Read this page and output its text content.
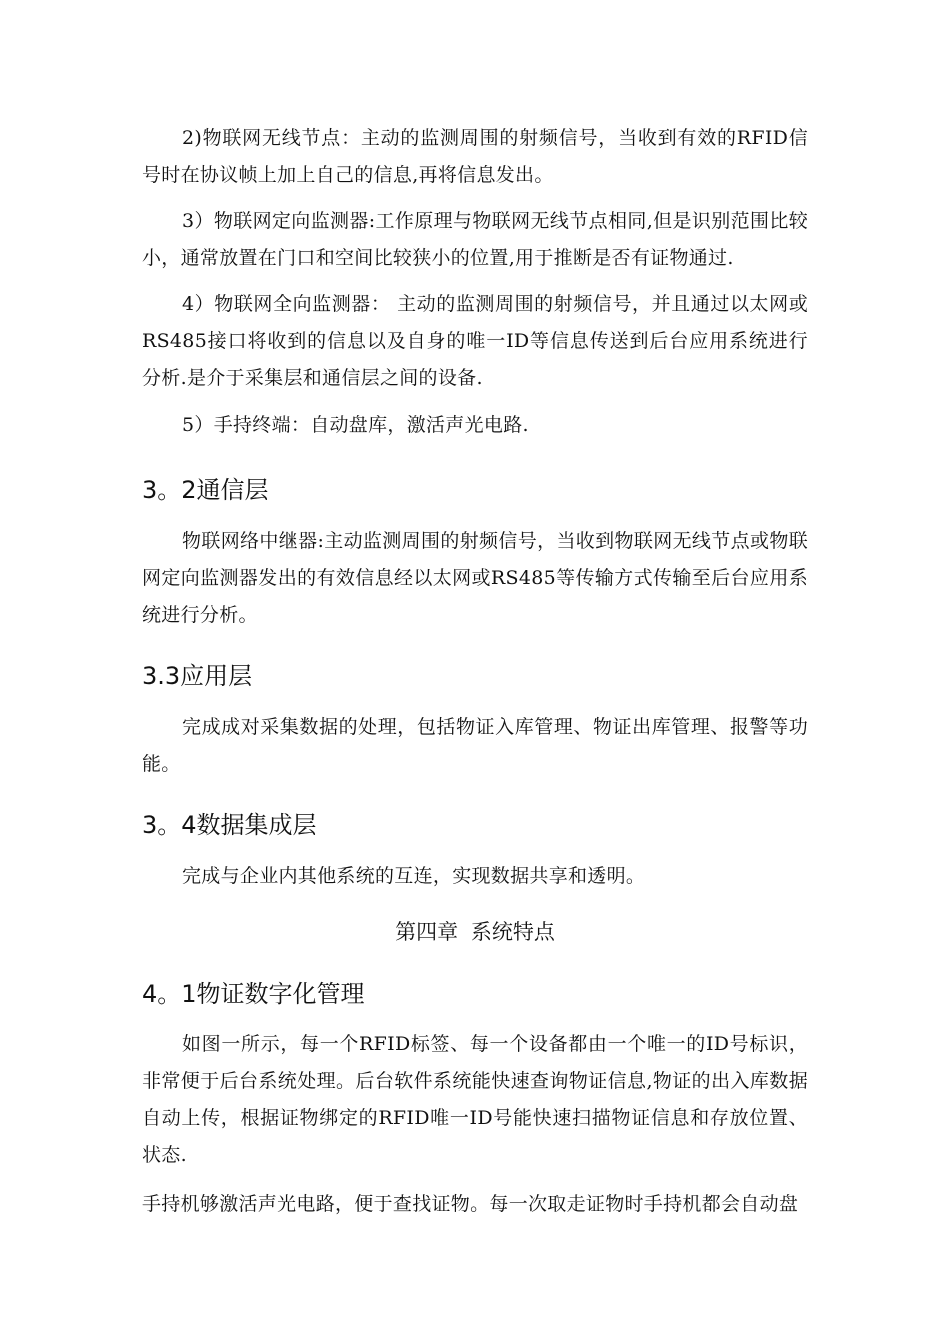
2)物联网无线节点：主动的监测周围的射频信号，当收到有效的RFID信号时在协议帧上加上自己的信息,再将信息发出。

3）物联网定向监测器:工作原理与物联网无线节点相同,但是识别范围比较小，通常放置在门口和空间比较狭小的位置,用于推断是否有证物通过.

4）物联网全向监测器： 主动的监测周围的射频信号，并且通过以太网或RS485接口将收到的信息以及自身的唯一ID等信息传送到后台应用系统进行分析.是介于采集层和通信层之间的设备.

5）手持终端：自动盘库，激活声光电路.

3。2通信层

物联网络中继器:主动监测周围的射频信号，当收到物联网无线节点或物联网定向监测器发出的有效信息经以太网或RS485等传输方式传输至后台应用系统进行分析。

3.3应用层

完成成对采集数据的处理，包括物证入库管理、物证出库管理、报警等功能。

3。4数据集成层

完成与企业内其他系统的互连，实现数据共享和透明。

第四章 系统特点
4。1物证数字化管理

如图一所示，每一个RFID标签、每一个设备都由一个唯一的ID号标识，非常便于后台系统处理。后台软件系统能快速查询物证信息,物证的出入库数据自动上传，根据证物绑定的RFID唯一ID号能快速扫描物证信息和存放位置、状态.

手持机够激活声光电路，便于查找证物。每一次取走证物时手持机都会自动盘
